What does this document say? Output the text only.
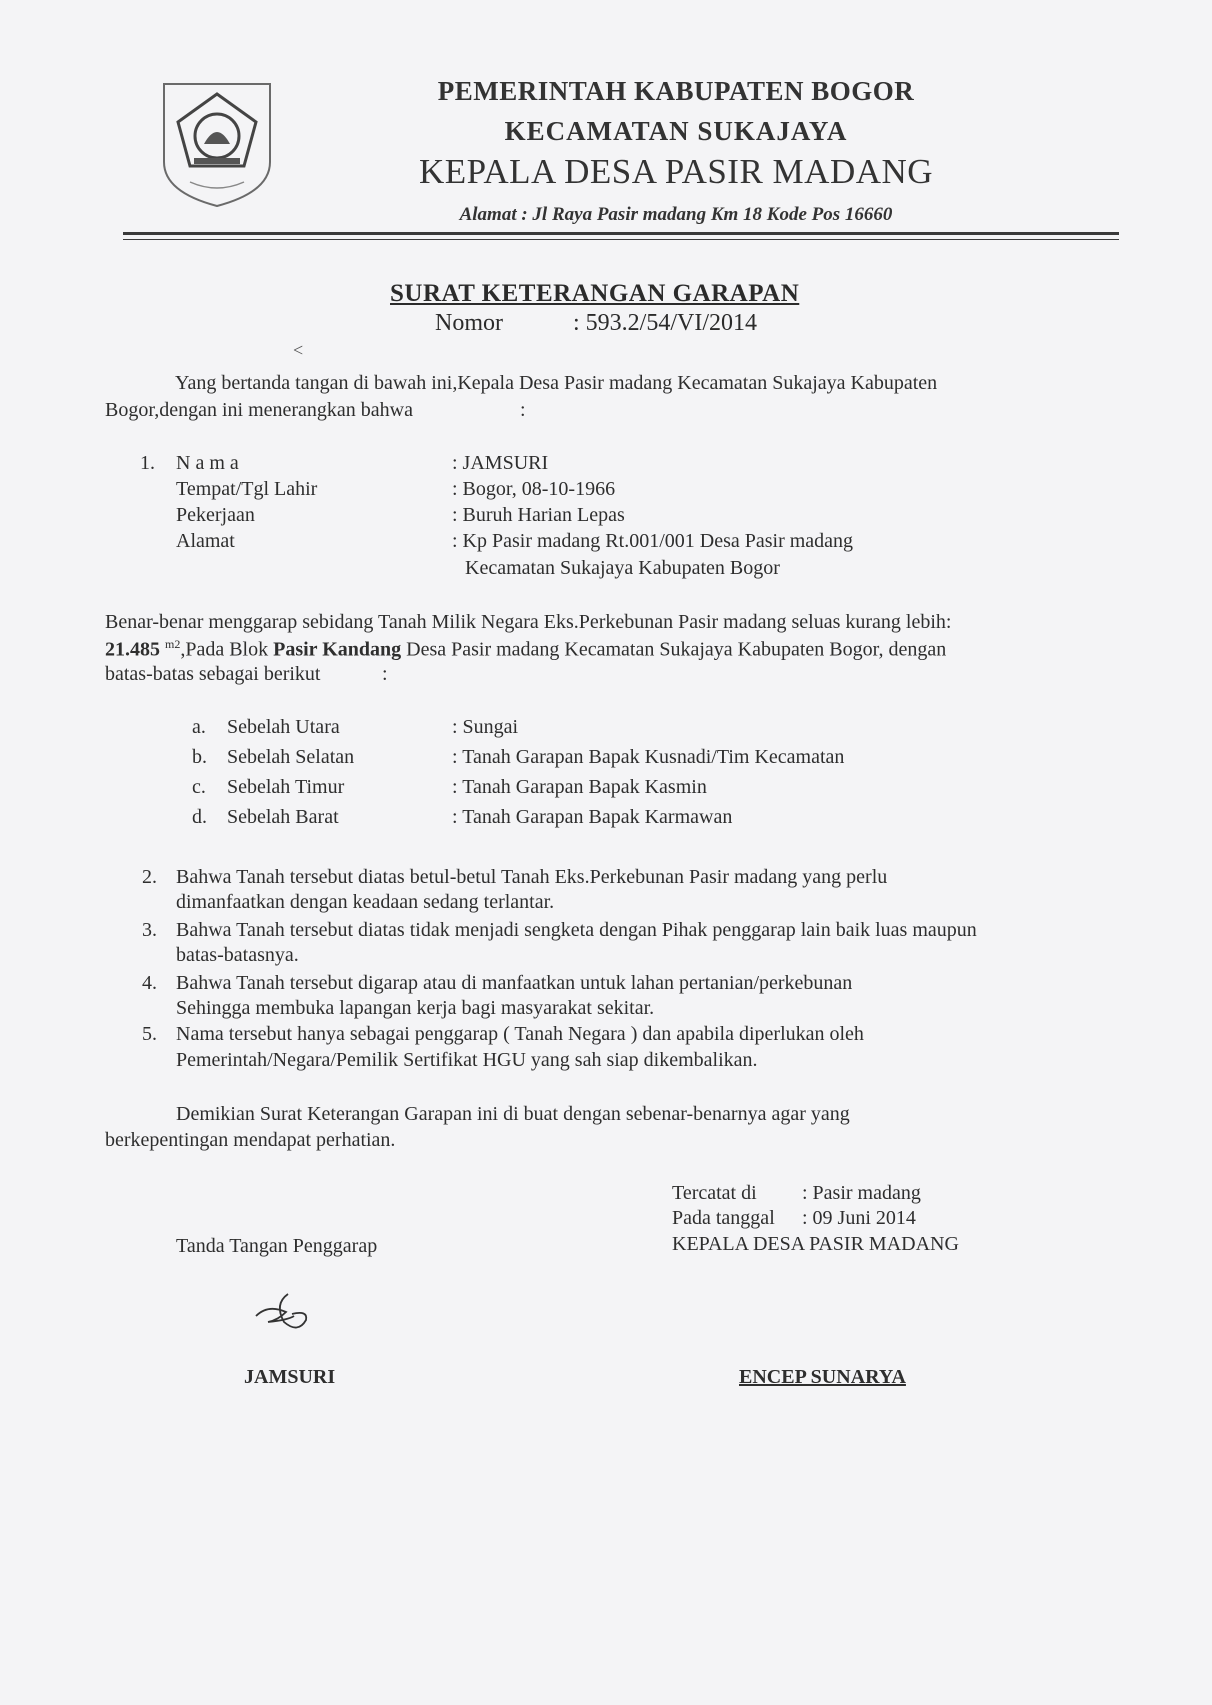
PEMERINTAH KABUPATEN BOGOR
KECAMATAN SUKAJAYA
KEPALA DESA PASIR MADANG
Alamat : Jl Raya Pasir madang Km 18 Kode Pos 16660
SURAT KETERANGAN GARAPAN
Nomor	: 593.2/54/VI/2014
<
Yang bertanda tangan di bawah ini,Kepala Desa Pasir madang Kecamatan Sukajaya Kabupaten
Bogor,dengan ini menerangkan bahwa	:
1. N a m a	: JAMSURI
Tempat/Tgl Lahir	: Bogor, 08-10-1966
Pekerjaan	: Buruh Harian Lepas
Alamat	: Kp Pasir madang Rt.001/001 Desa Pasir madang
Kecamatan Sukajaya Kabupaten Bogor
Benar-benar menggarap sebidang Tanah Milik Negara Eks.Perkebunan Pasir madang seluas kurang lebih:
21.485 $^{m2}$,Pada Blok Pasir Kandang Desa Pasir madang Kecamatan Sukajaya Kabupaten Bogor, dengan
batas-batas sebagai berikut	:
a. Sebelah Utara	: Sungai
b. Sebelah Selatan	: Tanah Garapan Bapak Kusnadi/Tim Kecamatan
c. Sebelah Timur	: Tanah Garapan Bapak Kasmin
d. Sebelah Barat	: Tanah Garapan Bapak Karmawan
2. Bahwa Tanah tersebut diatas betul-betul Tanah Eks.Perkebunan Pasir madang yang perlu
dimanfaatkan dengan keadaan sedang terlantar.
3. Bahwa Tanah tersebut diatas tidak menjadi sengketa dengan Pihak penggarap lain baik luas maupun
batas-batasnya.
4. Bahwa Tanah tersebut digarap atau di manfaatkan untuk lahan pertanian/perkebunan
Sehingga membuka lapangan kerja bagi masyarakat sekitar.
5. Nama tersebut hanya sebagai penggarap ( Tanah Negara ) dan apabila diperlukan oleh
Pemerintah/Negara/Pemilik Sertifikat HGU yang sah siap dikembalikan.
Demikian Surat Keterangan Garapan ini di buat dengan sebenar-benarnya agar yang
berkepentingan mendapat perhatian.
Tercatat di : Pasir madang
Pada tanggal : 09 Juni 2014
KEPALA DESA PASIR MADANG
Tanda Tangan Penggarap
JAMSURI	ENCEP SUNARYA
